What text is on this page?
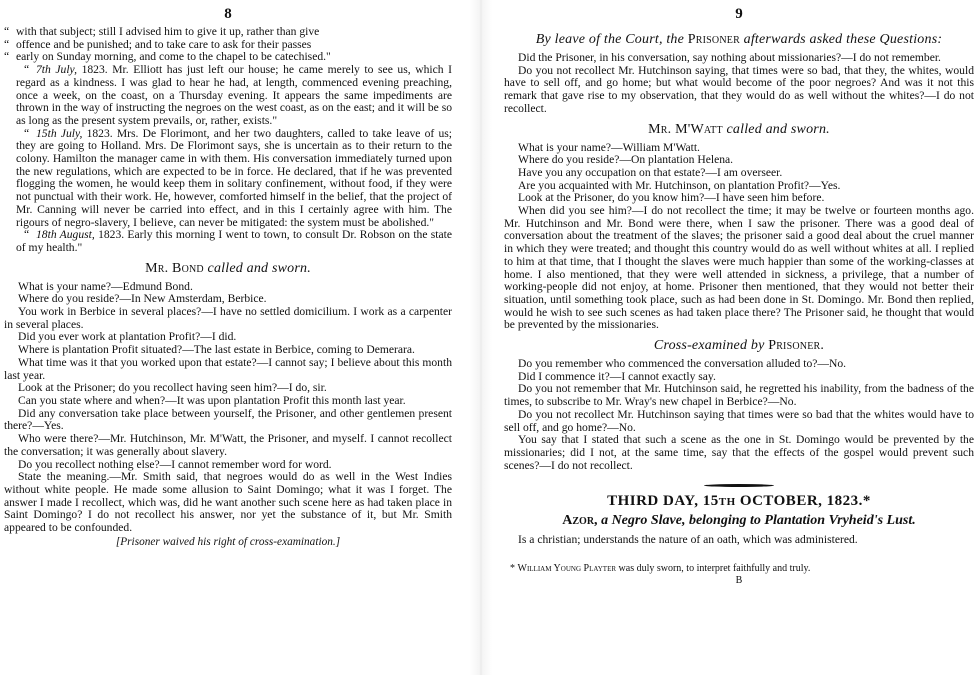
8

“ with that subject; still I advised him to give it up, rather than give

“ offence and be punished; and to take care to ask for their passes

“ early on Sunday morning, and come to the chapel to be catechised."

“ 7th July, 1823. Mr. Elliott has just left our house; he came merely to see us, which I regard as a kindness. I was glad to hear he had, at length, commenced evening preaching, once a week, on the coast, on a Thursday evening. It appears the same impediments are thrown in the way of instructing the negroes on the west coast, as on the east; and it will be so as long as the present system prevails, or, rather, exists."

“ 15th July, 1823. Mrs. De Florimont, and her two daughters, called to take leave of us; they are going to Holland. Mrs. De Florimont says, she is uncertain as to their return to the colony. Hamilton the manager came in with them. His conversation immediately turned upon the new regulations, which are expected to be in force. He declared, that if he was prevented flogging the women, he would keep them in solitary confinement, without food, if they were not punctual with their work. He, however, comforted himself in the belief, that the project of Mr. Canning will never be carried into effect, and in this I certainly agree with him. The rigours of negro-slavery, I believe, can never be mitigated: the system must be abolished."

“ 18th August, 1823. Early this morning I went to town, to consult Dr. Robson on the state of my health."

Mr. Bond called and sworn.

What is your name?—Edmund Bond.

Where do you reside?—In New Amsterdam, Berbice.

You work in Berbice in several places?—I have no settled domicilium. I work as a carpenter in several places.

Did you ever work at plantation Profit?—I did.

Where is plantation Profit situated?—The last estate in Berbice, coming to Demerara.

What time was it that you worked upon that estate?—I cannot say; I believe about this month last year.

Look at the Prisoner; do you recollect having seen him?—I do, sir.

Can you state where and when?—It was upon plantation Profit this month last year.

Did any conversation take place between yourself, the Prisoner, and other gentlemen present there?—Yes.

Who were there?—Mr. Hutchinson, Mr. M'Watt, the Prisoner, and myself. I cannot recollect the conversation; it was generally about slavery.

Do you recollect nothing else?—I cannot remember word for word.

State the meaning.—Mr. Smith said, that negroes would do as well in the West Indies without white people. He made some allusion to Saint Domingo; what it was I forget. The answer I made I recollect, which was, did he want another such scene here as had taken place in Saint Domingo? I do not recollect his answer, nor yet the substance of it, but Mr. Smith appeared to be confounded.

[Prisoner waived his right of cross-examination.]
9
By leave of the Court, the Prisoner afterwards asked these Questions:

Did the Prisoner, in his conversation, say nothing about missionaries?—I do not remember.

Do you not recollect Mr. Hutchinson saying, that times were so bad, that they, the whites, would have to sell off, and go home; but what would become of the poor negroes? And was it not this remark that gave rise to my observation, that they would do as well without the whites?—I do not recollect.

Mr. M'Watt called and sworn.

What is your name?—William M'Watt.

Where do you reside?—On plantation Helena.

Have you any occupation on that estate?—I am overseer.

Are you acquainted with Mr. Hutchinson, on plantation Profit?—Yes.

Look at the Prisoner, do you know him?—I have seen him before.

When did you see him?—I do not recollect the time; it may be twelve or fourteen months ago. Mr. Hutchinson and Mr. Bond were there, when I saw the prisoner. There was a good deal of conversation about the treatment of the slaves; the prisoner said a good deal about the cruel manner in which they were treated; and thought this country would do as well without whites at all. I replied to him at that time, that I thought the slaves were much happier than some of the working-classes at home. I also mentioned, that they were well attended in sickness, a privilege, that a number of working-people did not enjoy, at home. Prisoner then mentioned, that they would not better their situation, until something took place, such as had been done in St. Domingo. Mr. Bond then replied, would he wish to see such scenes as had taken place there? The Prisoner said, he thought that would be prevented by the missionaries.

Cross-examined by Prisoner.

Do you remember who commenced the conversation alluded to?—No.

Did I commence it?—I cannot exactly say.

Do you not remember that Mr. Hutchinson said, he regretted his inability, from the badness of the times, to subscribe to Mr. Wray's new chapel in Berbice?—No.

Do you not recollect Mr. Hutchinson saying that times were so bad that the whites would have to sell off, and go home?—No.

You say that I stated that such a scene as the one in St. Domingo would be prevented by the missionaries; did I not, at the same time, say that the effects of the gospel would prevent such scenes?—I do not recollect.

THIRD DAY, 15th OCTOBER, 1823.*
Azor, a Negro Slave, belonging to Plantation Vryheid's Lust.

Is a christian; understands the nature of an oath, which was administered.

* William Young Playter was duly sworn, to interpret faithfully and truly.
B
